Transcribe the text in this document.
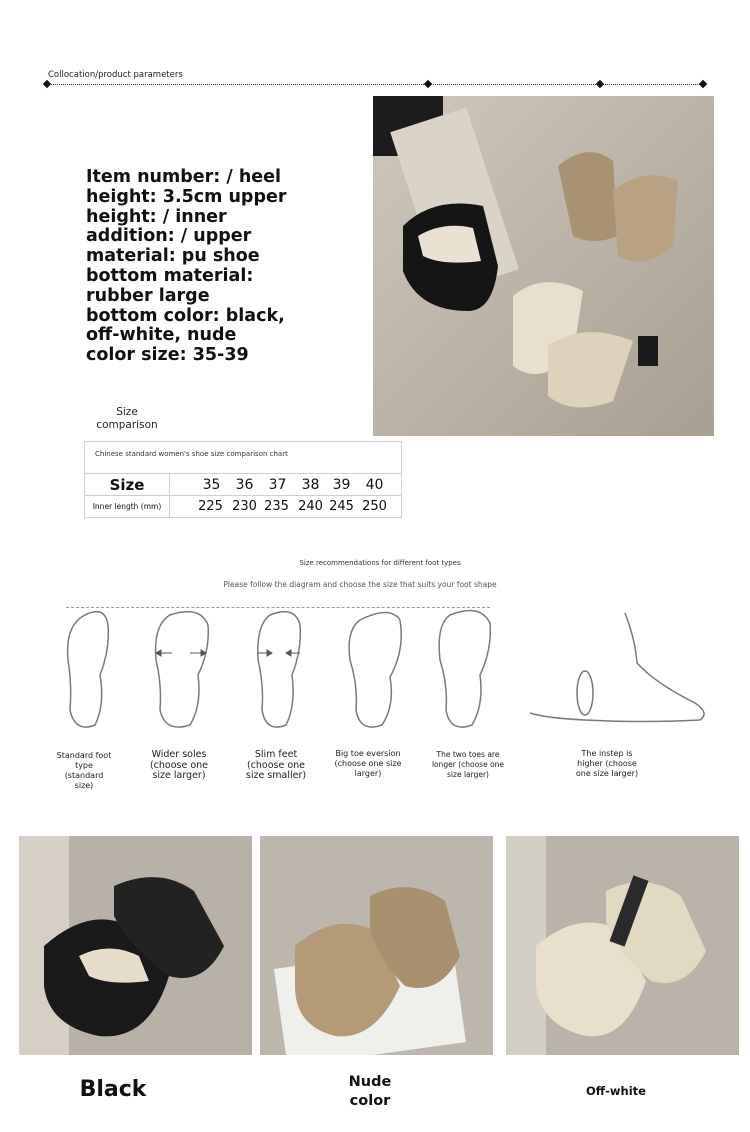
Collocation/product parameters
Item number: / heel
height: 3.5cm upper
height: / inner
addition: / upper
material: pu shoe
bottom material:
rubber large
bottom color: black,
off-white, nude
color size: 35-39
Size comparison
Chinese standard women's shoe size comparison chart
Size	35	36	37	38 39	40
Inner length (mm)	225 230 235 240 245 250
Size recommendations for different foot types
Please follow the diagram and choose the size that suits your foot shape
Standard foot type (standard size)
Wider soles (choose one size larger)
Slim feet (choose one size smaller)
Big toe eversion (choose one size larger)
The two toes are longer (choose one size larger)
The instep is higher (choose one size larger)
Black	Nude color
Off-white
